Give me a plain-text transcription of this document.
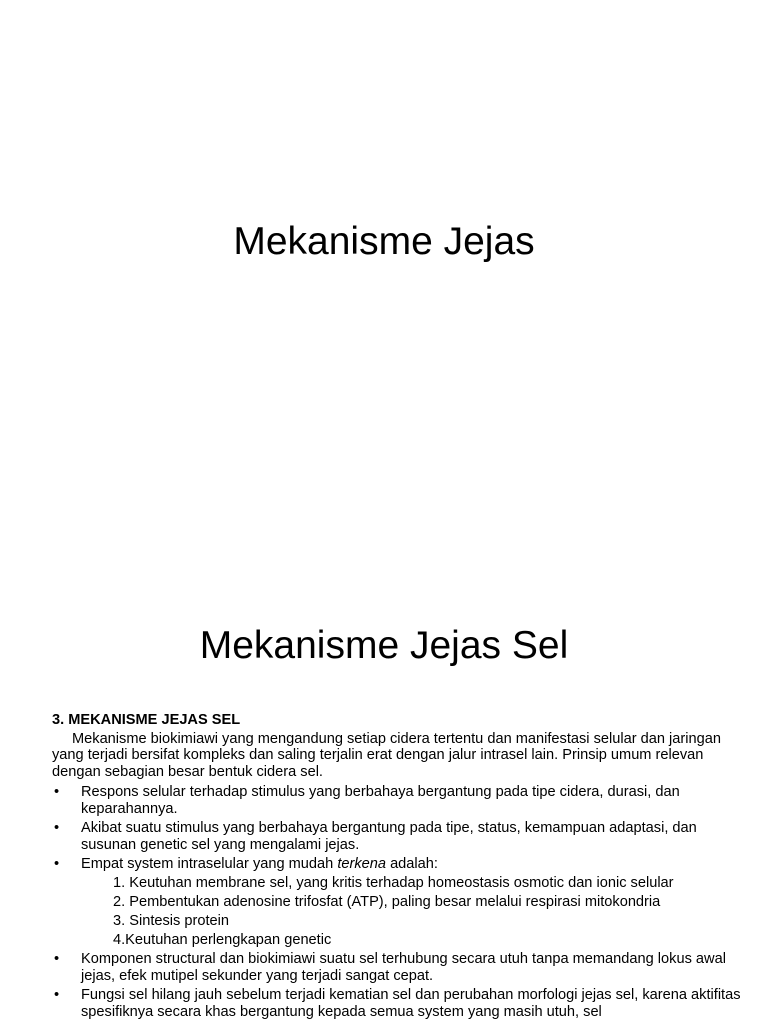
Mekanisme Jejas
Mekanisme Jejas Sel
3. MEKANISME JEJAS SEL

Mekanisme biokimiawi yang mengandung setiap cidera tertentu dan manifestasi selular dan jaringan yang terjadi bersifat kompleks dan saling terjalin erat dengan jalur intrasel lain. Prinsip umum relevan dengan sebagian besar bentuk cidera sel.

• Respons selular terhadap stimulus yang berbahaya bergantung pada tipe cidera, durasi, dan keparahannya.
• Akibat suatu stimulus yang berbahaya bergantung pada tipe, status, kemampuan adaptasi, dan susunan genetic sel yang mengalami jejas.
• Empat system intraselular yang mudah terkena adalah:
1. Keutuhan membrane sel, yang kritis terhadap homeostasis osmotic dan ionic selular
2. Pembentukan adenosine trifosfat (ATP), paling besar melalui respirasi mitokondria
3. Sintesis protein
4.Keutuhan perlengkapan genetic
• Komponen structural dan biokimiawi suatu sel terhubung secara utuh tanpa memandang lokus awal jejas, efek mutipel sekunder yang terjadi sangat cepat.
• Fungsi sel hilang jauh sebelum terjadi kematian sel dan perubahan morfologi jejas sel, karena aktifitas spesifiknya secara khas bergantung kepada semua system yang masih utuh, sel
